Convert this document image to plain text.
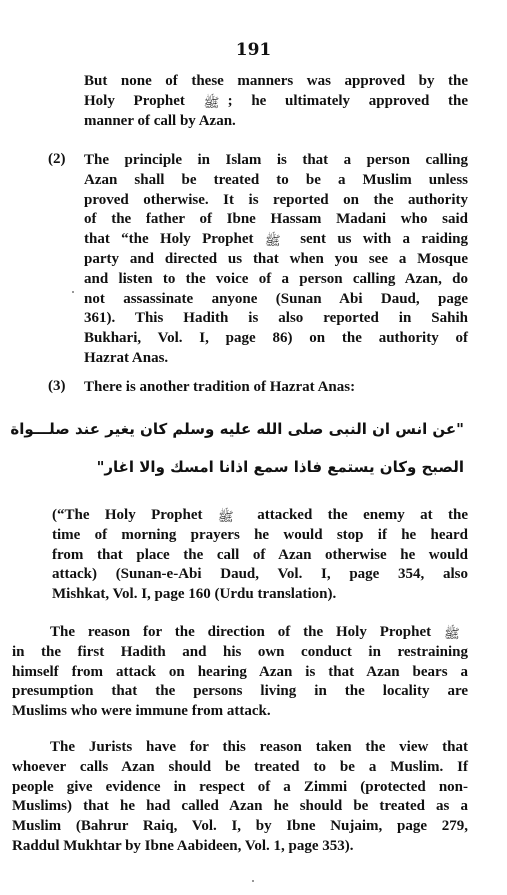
191
But none of these manners was approved by the
Holy Prophet ﷺ ; he ultimately approved the
manner of call by Azan.
(2) The principle in Islam is that a person calling
Azan shall be treated to be a Muslim unless
proved otherwise. It is reported on the authority
of the father of Ibne Hassam Madani who said
that “the Holy Prophet ﷺ sent us with a raiding
party and directed us that when you see a Mosque
and listen to the voice of a person calling Azan, do
not assassinate anyone (Sunan Abi Daud, page
361). This Hadith is also reported in Sahih
Bukhari, Vol. I, page 86) on the authority of
Hazrat Anas.
(3) There is another tradition of Hazrat Anas:
"عن انس ان النبی صلی الله علیه وسلم کان یغیر عند صلـــواة
الصبح وکان یستمع فاذا سمع اذانا امسك والا اغار"
(“The Holy Prophet ﷺ attacked the enemy at the
time of morning prayers he would stop if he heard
from that place the call of Azan otherwise he would
attack) (Sunan-e-Abi Daud, Vol. I, page 354, also
Mishkat, Vol. I, page 160 (Urdu translation).
The reason for the direction of the Holy Prophet ﷺ
in the first Hadith and his own conduct in restraining
himself from attack on hearing Azan is that Azan bears a
presumption that the persons living in the locality are
Muslims who were immune from attack.
The Jurists have for this reason taken the view that
whoever calls Azan should be treated to be a Muslim. If
people give evidence in respect of a Zimmi (protected non-
Muslims) that he had called Azan he should be treated as a
Muslim (Bahrur Raiq, Vol. I, by Ibne Nujaim, page 279,
Raddul Mukhtar by Ibne Aabideen, Vol. 1, page 353).
